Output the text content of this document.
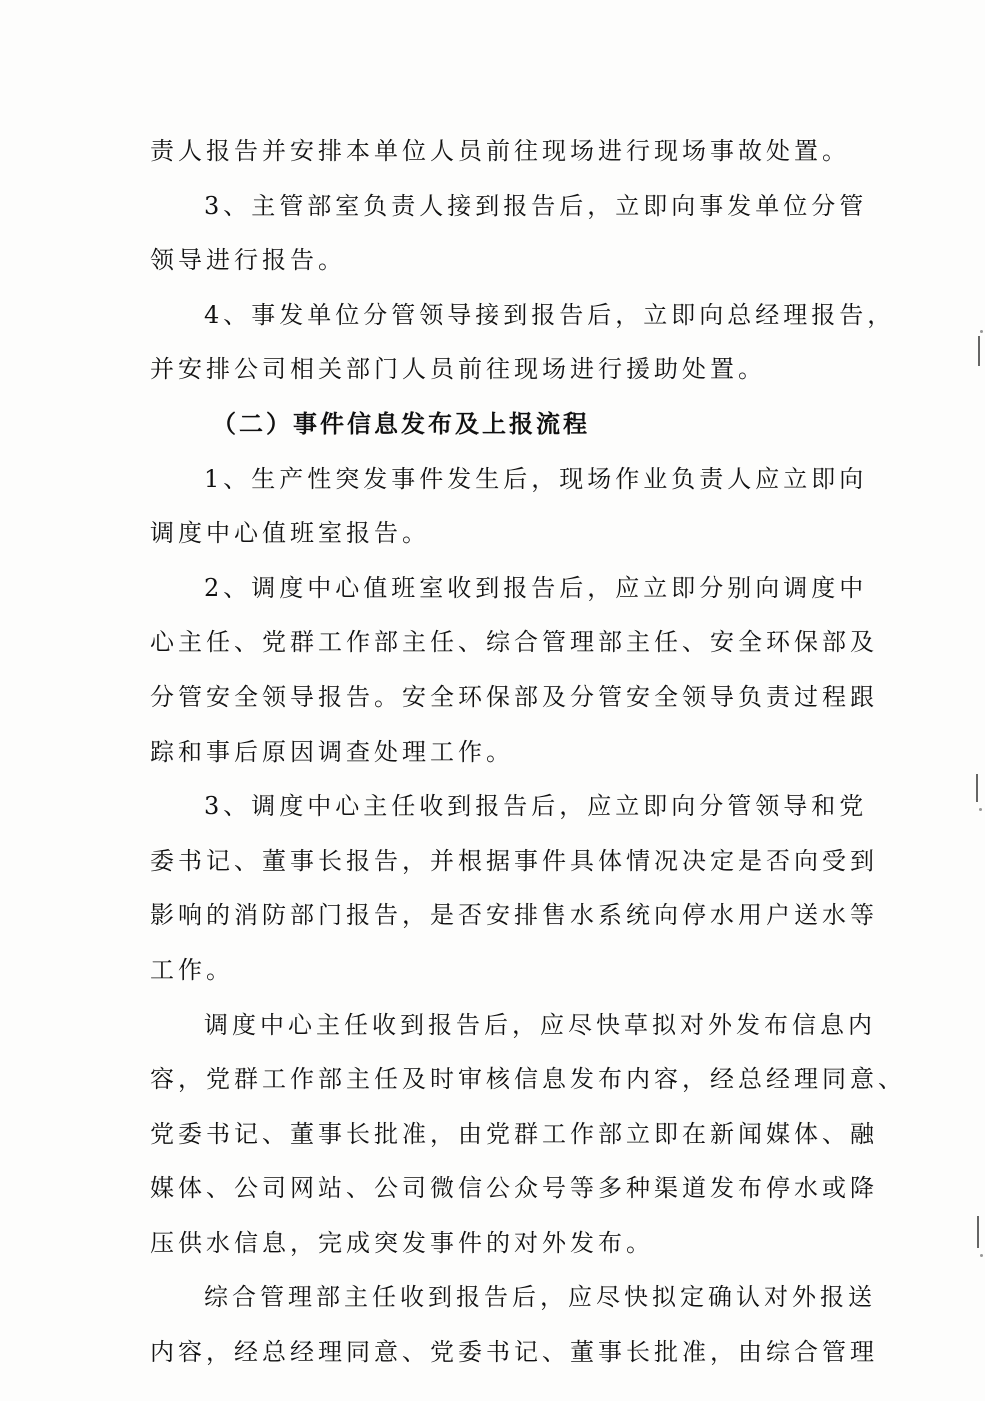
责人报告并安排本单位人员前往现场进行现场事故处置。
3、主管部室负责人接到报告后，立即向事发单位分管
领导进行报告。
4、事发单位分管领导接到报告后，立即向总经理报告，
并安排公司相关部门人员前往现场进行援助处置。
（二）事件信息发布及上报流程
1、生产性突发事件发生后，现场作业负责人应立即向
调度中心值班室报告。
2、调度中心值班室收到报告后，应立即分别向调度中
心主任、党群工作部主任、综合管理部主任、安全环保部及
分管安全领导报告。安全环保部及分管安全领导负责过程跟
踪和事后原因调查处理工作。
3、调度中心主任收到报告后，应立即向分管领导和党
委书记、董事长报告，并根据事件具体情况决定是否向受到
影响的消防部门报告，是否安排售水系统向停水用户送水等
工作。
调度中心主任收到报告后，应尽快草拟对外发布信息内
容，党群工作部主任及时审核信息发布内容，经总经理同意、
党委书记、董事长批准，由党群工作部立即在新闻媒体、融
媒体、公司网站、公司微信公众号等多种渠道发布停水或降
压供水信息，完成突发事件的对外发布。
综合管理部主任收到报告后，应尽快拟定确认对外报送
内容，经总经理同意、党委书记、董事长批准，由综合管理
